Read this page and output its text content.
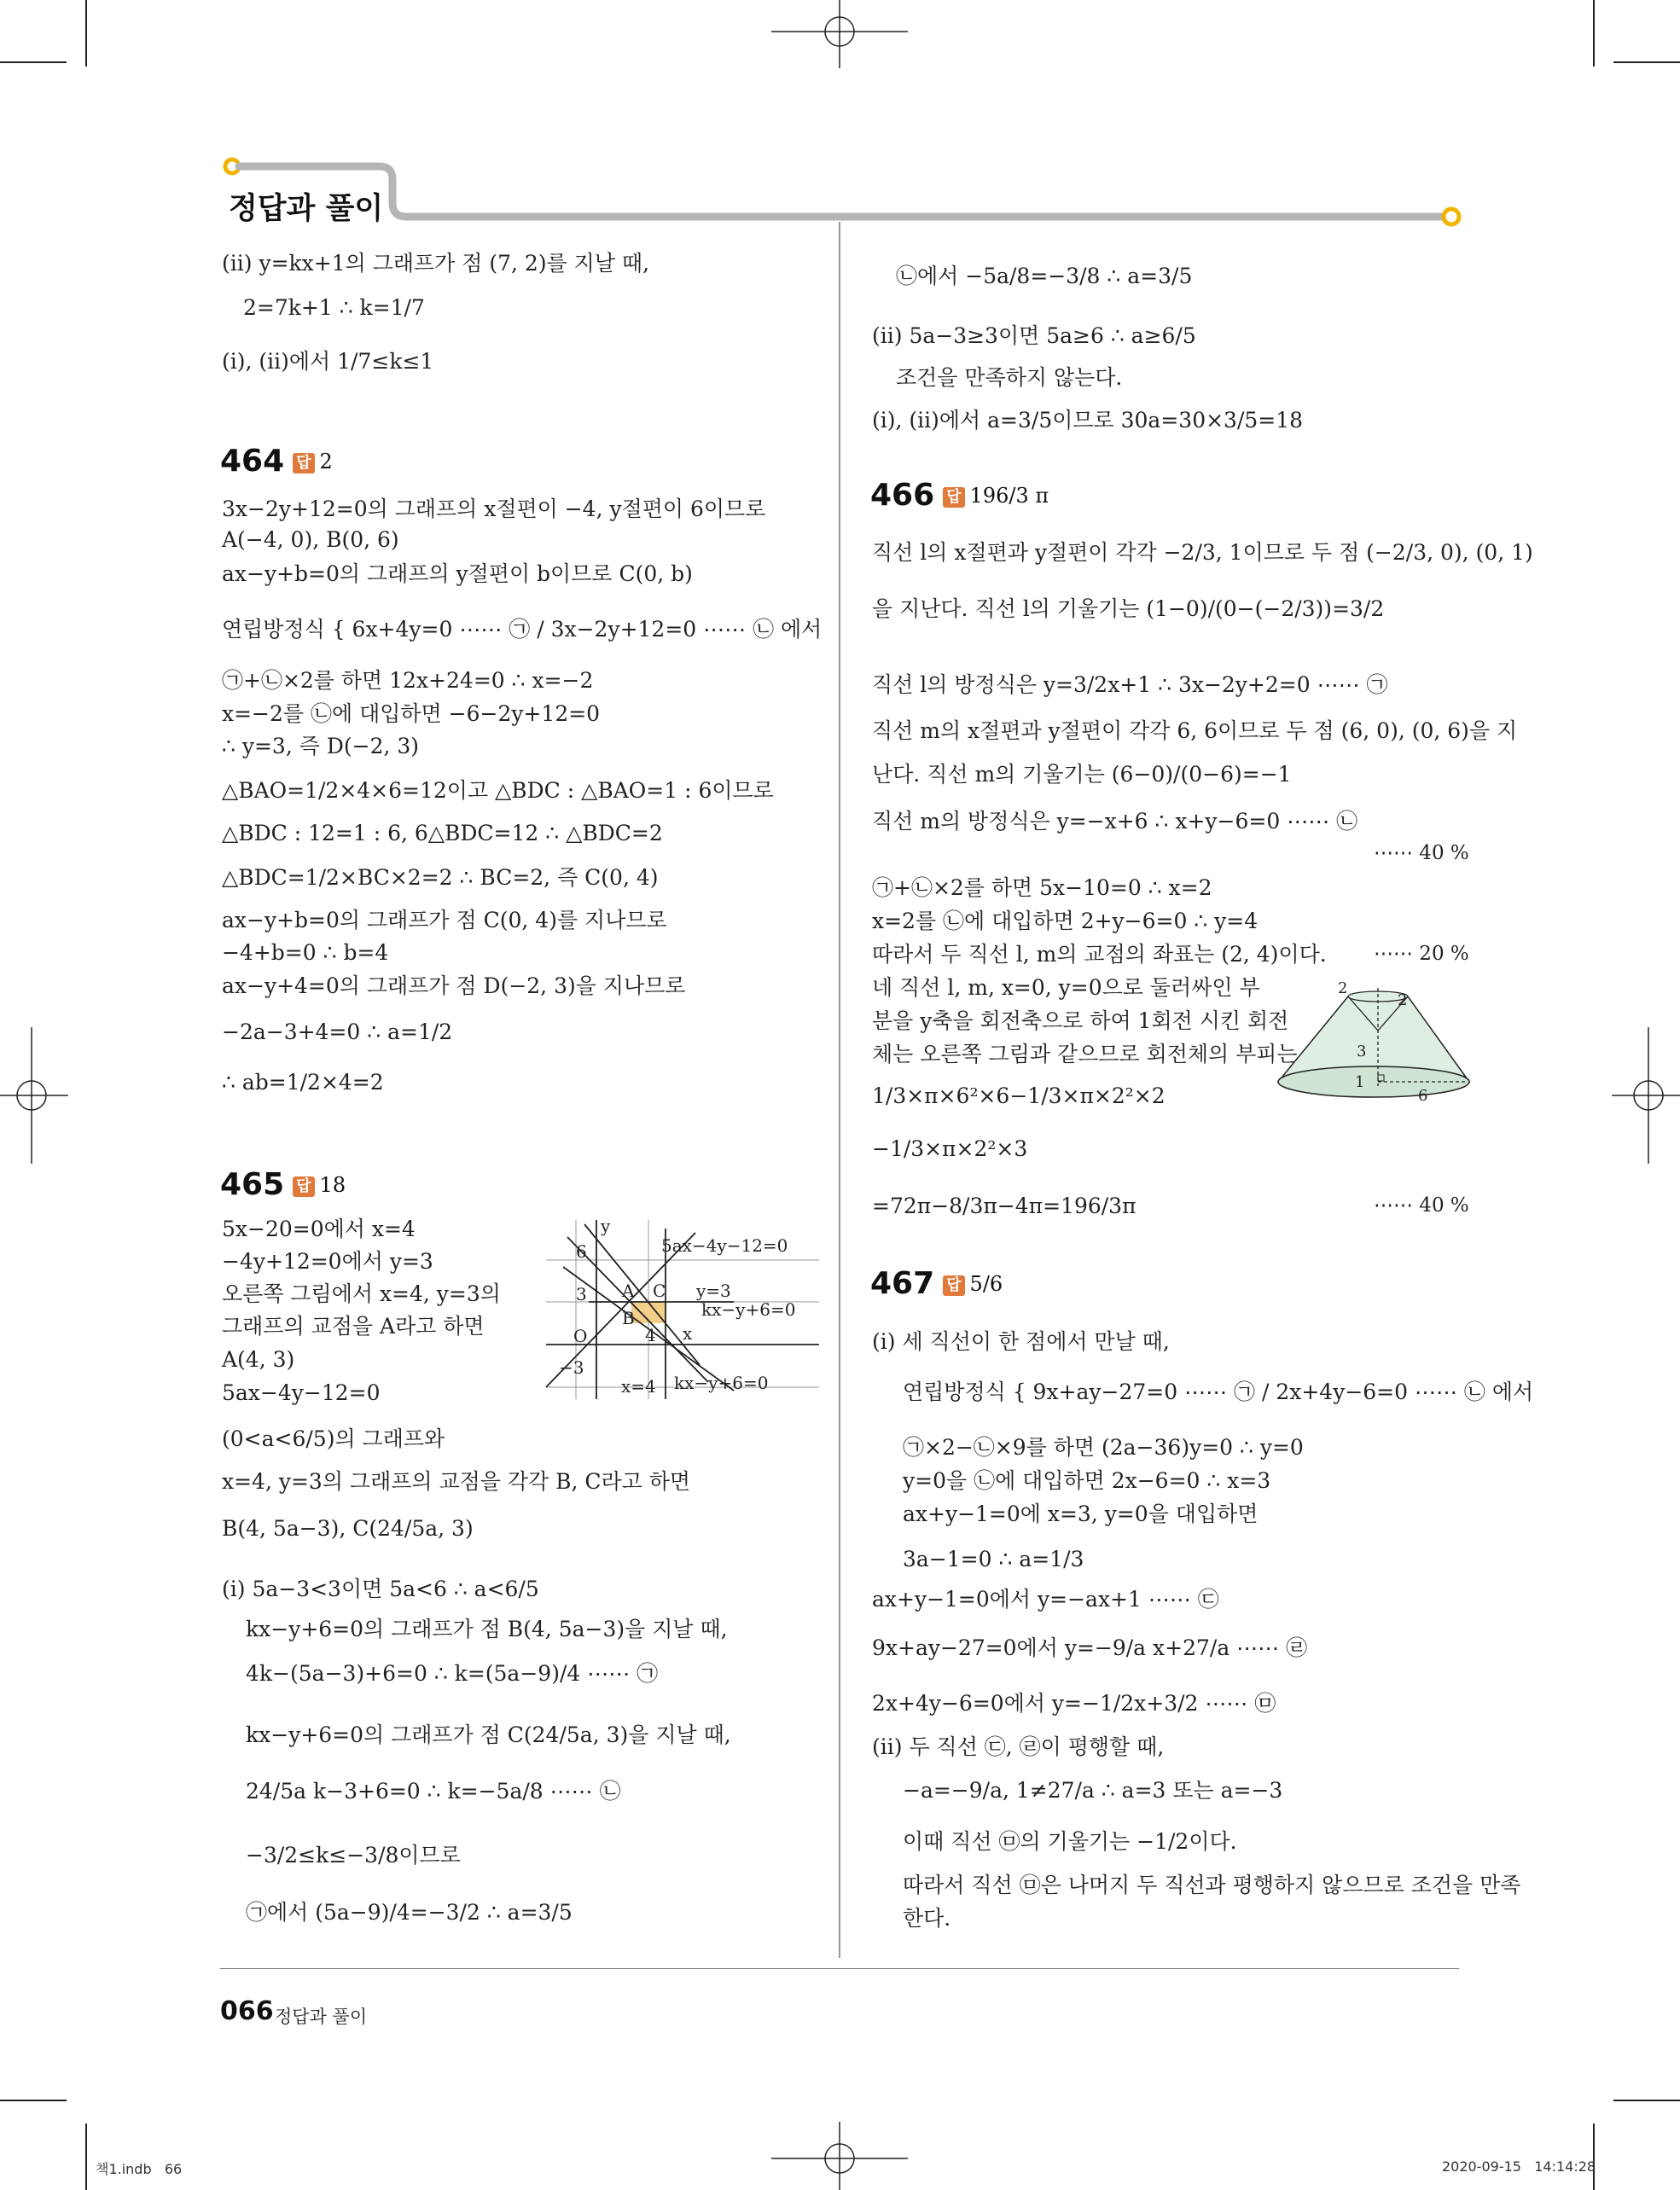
정답과 풀이
(ii) y=kx+1의 그래프가 점 (7, 2)를 지날 때,
2=7k+1 ∴ k=1/7
(i), (ii)에서 1/7≤k≤1
464 답 2
3x−2y+12=0의 그래프의 x절편이 −4, y절편이 6이므로
A(−4, 0), B(0, 6)
ax−y+b=0의 그래프의 y절편이 b이므로 C(0, b)
연립방정식 { 6x+4y=0 ⋯⋯ ㉠ / 3x−2y+12=0 ⋯⋯ ㉡ 에서
㉠+㉡×2를 하면 12x+24=0 ∴ x=−2
x=−2를 ㉡에 대입하면 −6−2y+12=0
∴ y=3, 즉 D(−2, 3)
△BAO=1/2×4×6=12이고 △BDC : △BAO=1 : 6이므로
△BDC : 12=1 : 6, 6△BDC=12 ∴ △BDC=2
△BDC=1/2×BC×2=2 ∴ BC=2, 즉 C(0, 4)
ax−y+b=0의 그래프가 점 C(0, 4)를 지나므로
−4+b=0 ∴ b=4
ax−y+4=0의 그래프가 점 D(−2, 3)을 지나므로
−2a−3+4=0 ∴ a=1/2
∴ ab=1/2×4=2
465 답 18
5x−20=0에서 x=4
−4y+12=0에서 y=3
오른쪽 그림에서 x=4, y=3의
그래프의 교점을 A라고 하면
A(4, 3)
5ax−4y−12=0
(0<a<6/5)의 그래프와
x=4, y=3의 그래프의 교점을 각각 B, C라고 하면
B(4, 5a−3), C(24/5a, 3)
(i) 5a−3<3이면 5a<6 ∴ a<6/5
kx−y+6=0의 그래프가 점 B(4, 5a−3)을 지날 때,
4k−(5a−3)+6=0 ∴ k=(5a−9)/4 ⋯⋯ ㉠
kx−y+6=0의 그래프가 점 C(24/5a, 3)을 지날 때,
24/5a k−3+6=0 ∴ k=−5a/8 ⋯⋯ ㉡
−3/2≤k≤−3/8이므로
㉠에서 (5a−9)/4=−3/2 ∴ a=3/5
y
x
O
6
3
4
−3
A
B
C
5ax−4y−12=0
y=3
kx−y+6=0
x=4 kx−y+6=0
㉡에서 −5a/8=−3/8 ∴ a=3/5
(ii) 5a−3≥3이면 5a≥6 ∴ a≥6/5
조건을 만족하지 않는다.
(i), (ii)에서 a=3/5이므로 30a=30×3/5=18
466 답 196/3 π
직선 l의 x절편과 y절편이 각각 −2/3, 1이므로 두 점 (−2/3, 0), (0, 1)
을 지난다. 직선 l의 기울기는 (1−0)/(0−(−2/3))=3/2
직선 l의 방정식은 y=3/2x+1 ∴ 3x−2y+2=0 ⋯⋯ ㉠
직선 m의 x절편과 y절편이 각각 6, 6이므로 두 점 (6, 0), (0, 6)을 지
난다. 직선 m의 기울기는 (6−0)/(0−6)=−1
직선 m의 방정식은 y=−x+6 ∴ x+y−6=0 ⋯⋯ ㉡
⋯⋯ 40 %
㉠+㉡×2를 하면 5x−10=0 ∴ x=2
x=2를 ㉡에 대입하면 2+y−6=0 ∴ y=4
따라서 두 직선 l, m의 교점의 좌표는 (2, 4)이다. ⋯⋯ 20 %
네 직선 l, m, x=0, y=0으로 둘러싸인 부
분을 y축을 회전축으로 하여 1회전 시킨 회전
체는 오른쪽 그림과 같으므로 회전체의 부피는
1/3×π×6²×6−1/3×π×2²×2
−1/3×π×2²×3
=72π−8/3π−4π=196/3π	⋯⋯ 40 %
2
2
3
1
6
467 답 5/6
(i) 세 직선이 한 점에서 만날 때,
연립방정식 { 9x+ay−27=0 ⋯⋯ ㉠ / 2x+4y−6=0 ⋯⋯ ㉡ 에서
㉠×2−㉡×9를 하면 (2a−36)y=0 ∴ y=0
y=0을 ㉡에 대입하면 2x−6=0 ∴ x=3
ax+y−1=0에 x=3, y=0을 대입하면
3a−1=0 ∴ a=1/3
ax+y−1=0에서 y=−ax+1 ⋯⋯ ㉢
9x+ay−27=0에서 y=−9/a x+27/a ⋯⋯ ㉣
2x+4y−6=0에서 y=−1/2x+3/2 ⋯⋯ ㉤
(ii) 두 직선 ㉢, ㉣이 평행할 때,
−a=−9/a, 1≠27/a ∴ a=3 또는 a=−3
이때 직선 ㉤의 기울기는 −1/2이다.
따라서 직선 ㉤은 나머지 두 직선과 평행하지 않으므로 조건을 만족
한다.
066 정답과 풀이
책1.indb   66	2020-09-15   14:14:28
